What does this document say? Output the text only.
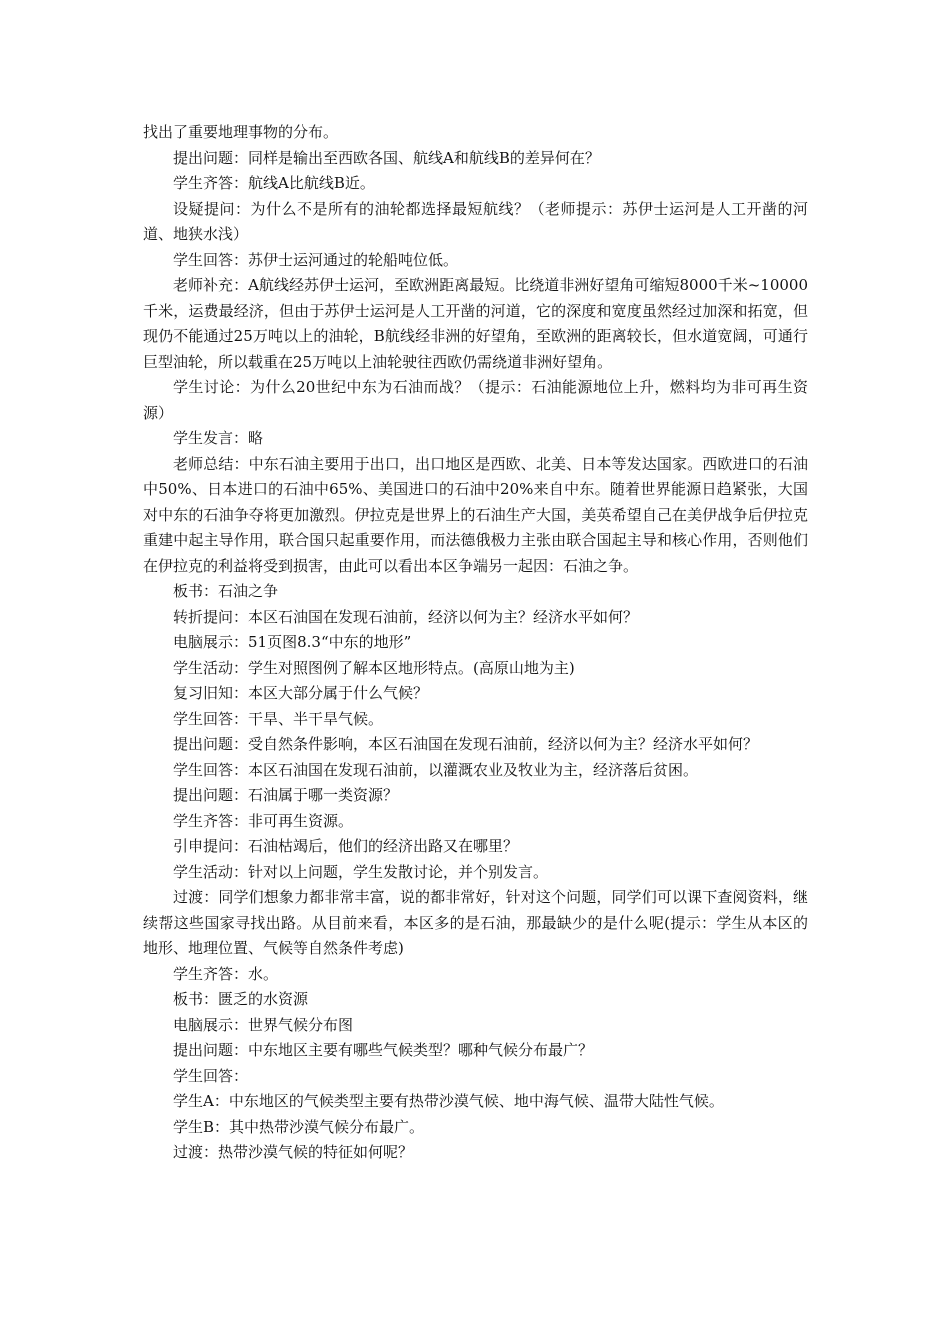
找出了重要地理事物的分布。

提出问题：同样是输出至西欧各国、航线A和航线B的差异何在？

学生齐答：航线A比航线B近。

设疑提问：为什么不是所有的油轮都选择最短航线？（老师提示：苏伊士运河是人工开凿的河道、地狭水浅）

学生回答：苏伊士运河通过的轮船吨位低。

老师补充：A航线经苏伊士运河，至欧洲距离最短。比绕道非洲好望角可缩短8000千米~10000千米，运费最经济，但由于苏伊士运河是人工开凿的河道，它的深度和宽度虽然经过加深和拓宽，但现仍不能通过25万吨以上的油轮，B航线经非洲的好望角，至欧洲的距离较长，但水道宽阔，可通行巨型油轮，所以载重在25万吨以上油轮驶往西欧仍需绕道非洲好望角。

学生讨论：为什么20世纪中东为石油而战？（提示：石油能源地位上升，燃料均为非可再生资源）

学生发言：略

老师总结：中东石油主要用于出口，出口地区是西欧、北美、日本等发达国家。西欧进口的石油中50%、日本进口的石油中65%、美国进口的石油中20%来自中东。随着世界能源日趋紧张，大国对中东的石油争夺将更加激烈。伊拉克是世界上的石油生产大国，美英希望自己在美伊战争后伊拉克重建中起主导作用，联合国只起重要作用，而法德俄极力主张由联合国起主导和核心作用，否则他们在伊拉克的利益将受到损害，由此可以看出本区争端另一起因：石油之争。

板书：石油之争

转折提问：本区石油国在发现石油前，经济以何为主？经济水平如何？

电脑展示：51页图8.3“中东的地形”

学生活动：学生对照图例了解本区地形特点。(高原山地为主)

复习旧知：本区大部分属于什么气候？

学生回答：干旱、半干旱气候。

提出问题：受自然条件影响，本区石油国在发现石油前，经济以何为主？经济水平如何？

学生回答：本区石油国在发现石油前，以灌溉农业及牧业为主，经济落后贫困。

提出问题：石油属于哪一类资源？

学生齐答：非可再生资源。

引申提问：石油枯竭后，他们的经济出路又在哪里？

学生活动：针对以上问题，学生发散讨论，并个别发言。

过渡：同学们想象力都非常丰富，说的都非常好，针对这个问题，同学们可以课下查阅资料，继续帮这些国家寻找出路。从目前来看，本区多的是石油，那最缺少的是什么呢(提示：学生从本区的地形、地理位置、气候等自然条件考虑)

学生齐答：水。

板书：匮乏的水资源

电脑展示：世界气候分布图

提出问题：中东地区主要有哪些气候类型？哪种气候分布最广？

学生回答：

学生A：中东地区的气候类型主要有热带沙漠气候、地中海气候、温带大陆性气候。

学生B：其中热带沙漠气候分布最广。

过渡：热带沙漠气候的特征如何呢？
